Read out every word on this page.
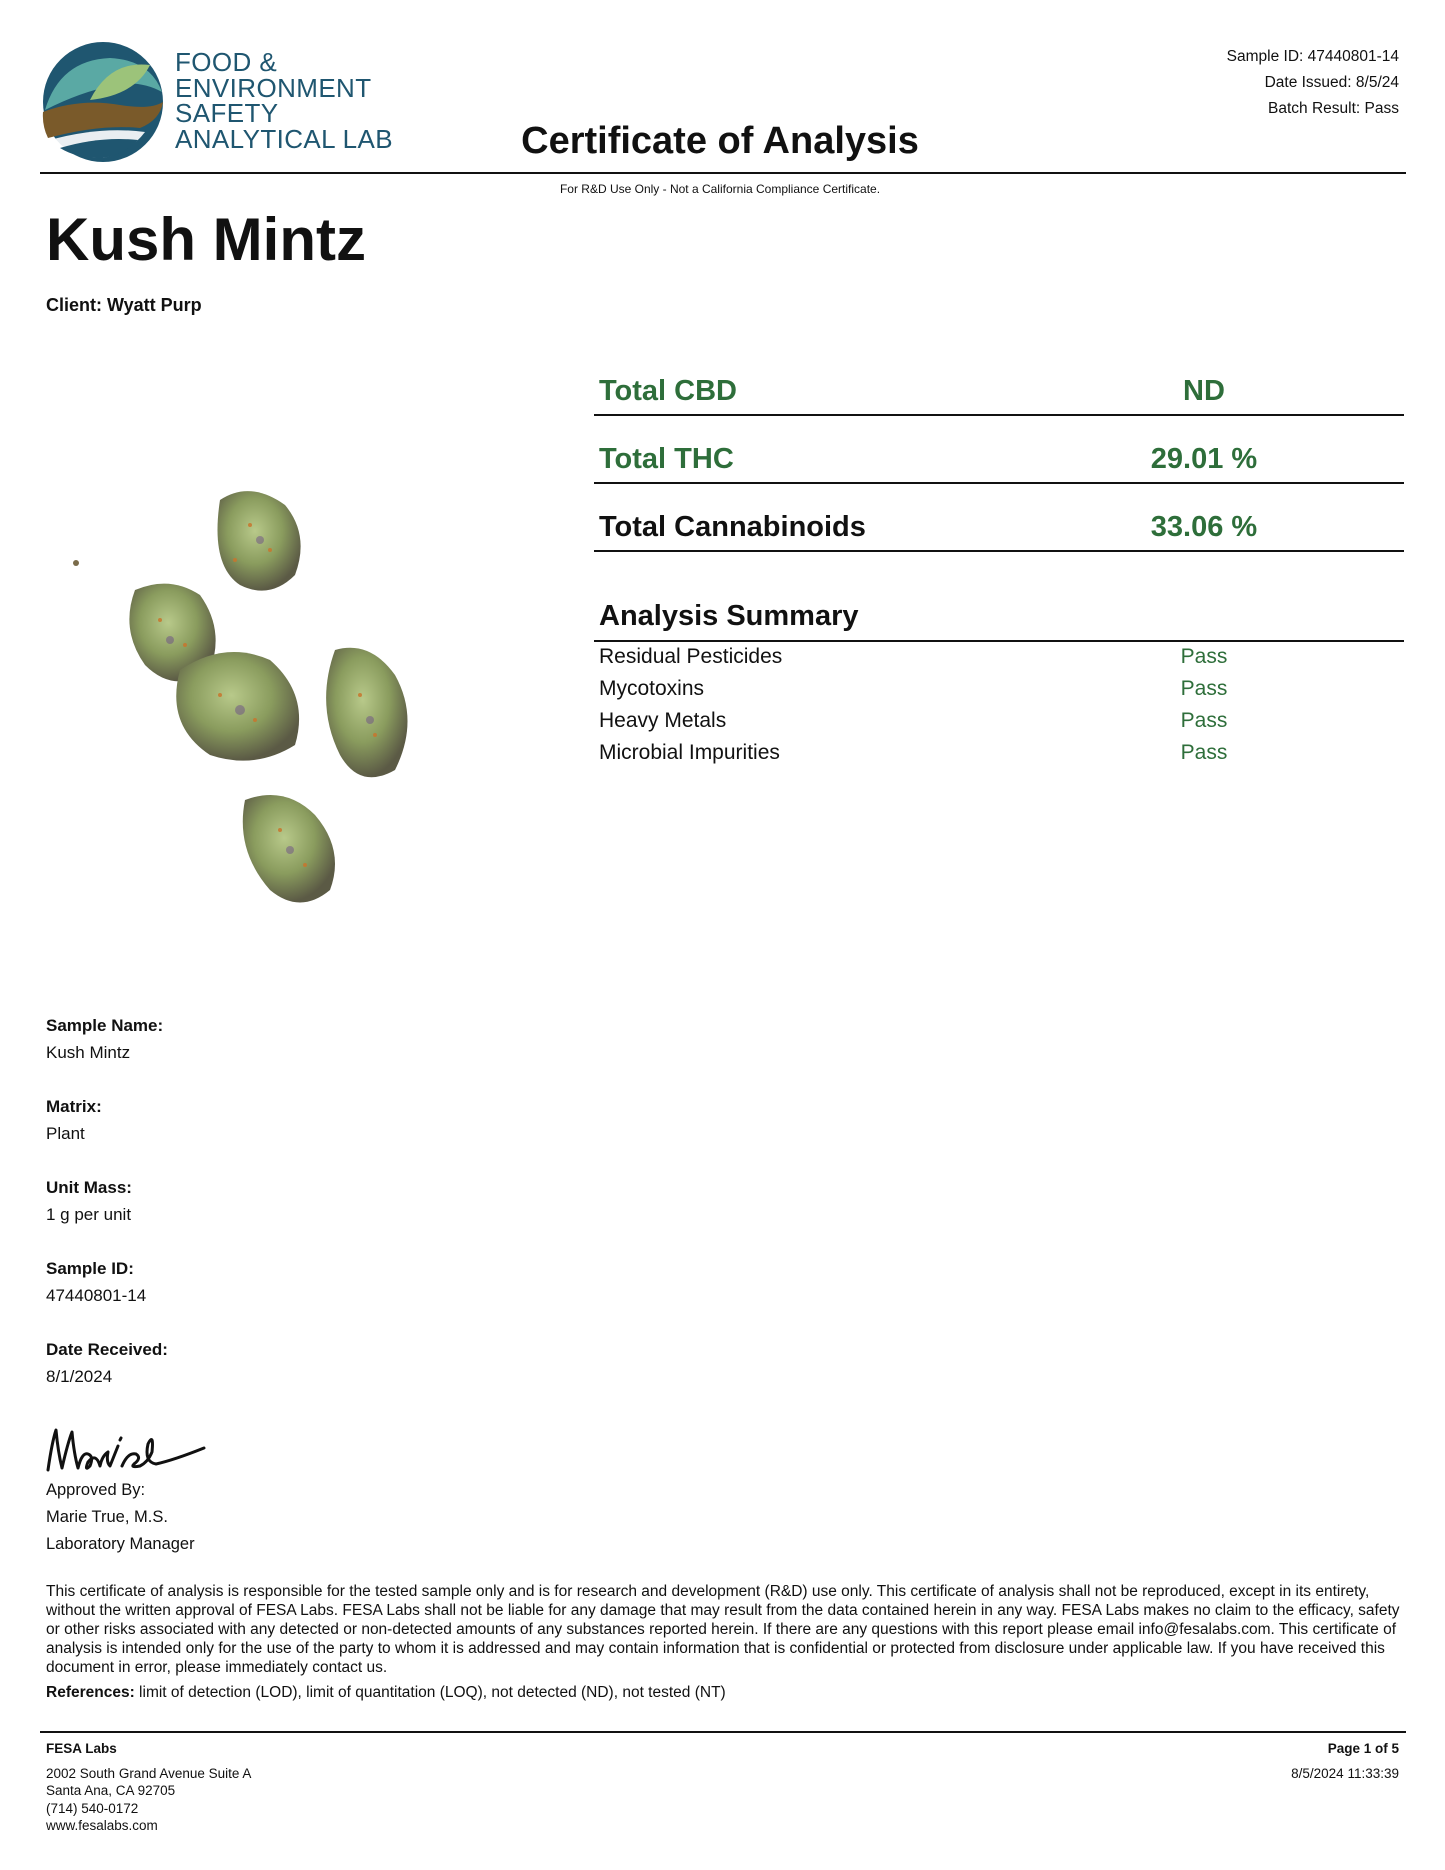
FOOD &
ENVIRONMENT
SAFETY
ANALYTICAL LAB
Sample ID: 47440801-14
Date Issued: 8/5/24
Batch Result: Pass
Certificate of Analysis
For R&D Use Only - Not a California Compliance Certificate.
Kush Mintz
Client: Wyatt Purp
Total CBD	ND
Total THC	29.01 %
Total Cannabinoids	33.06 %
Analysis Summary
Residual Pesticides	Pass
Mycotoxins	Pass
Heavy Metals	Pass
Microbial Impurities	Pass
Sample Name:
Kush Mintz
Matrix:
Plant
Unit Mass:
1 g per unit
Sample ID:
47440801-14
Date Received:
8/1/2024
Approved By:
Marie True, M.S.
Laboratory Manager
This certificate of analysis is responsible for the tested sample only and is for research and development (R&D) use only. This certificate of analysis shall not be reproduced, except in its entirety, without the written approval of FESA Labs. FESA Labs shall not be liable for any damage that may result from the data contained herein in any way. FESA Labs makes no claim to the efficacy, safety or other risks associated with any detected or non-detected amounts of any substances reported herein. If there are any questions with this report please email info@fesalabs.com. This certificate of analysis is intended only for the use of the party to whom it is addressed and may contain information that is confidential or protected from disclosure under applicable law. If you have received this document in error, please immediately contact us.
References: limit of detection (LOD), limit of quantitation (LOQ), not detected (ND), not tested (NT)
FESA Labs
2002 South Grand Avenue Suite A
Santa Ana, CA 92705
(714) 540-0172
www.fesalabs.com
Page 1 of 5
8/5/2024 11:33:39
